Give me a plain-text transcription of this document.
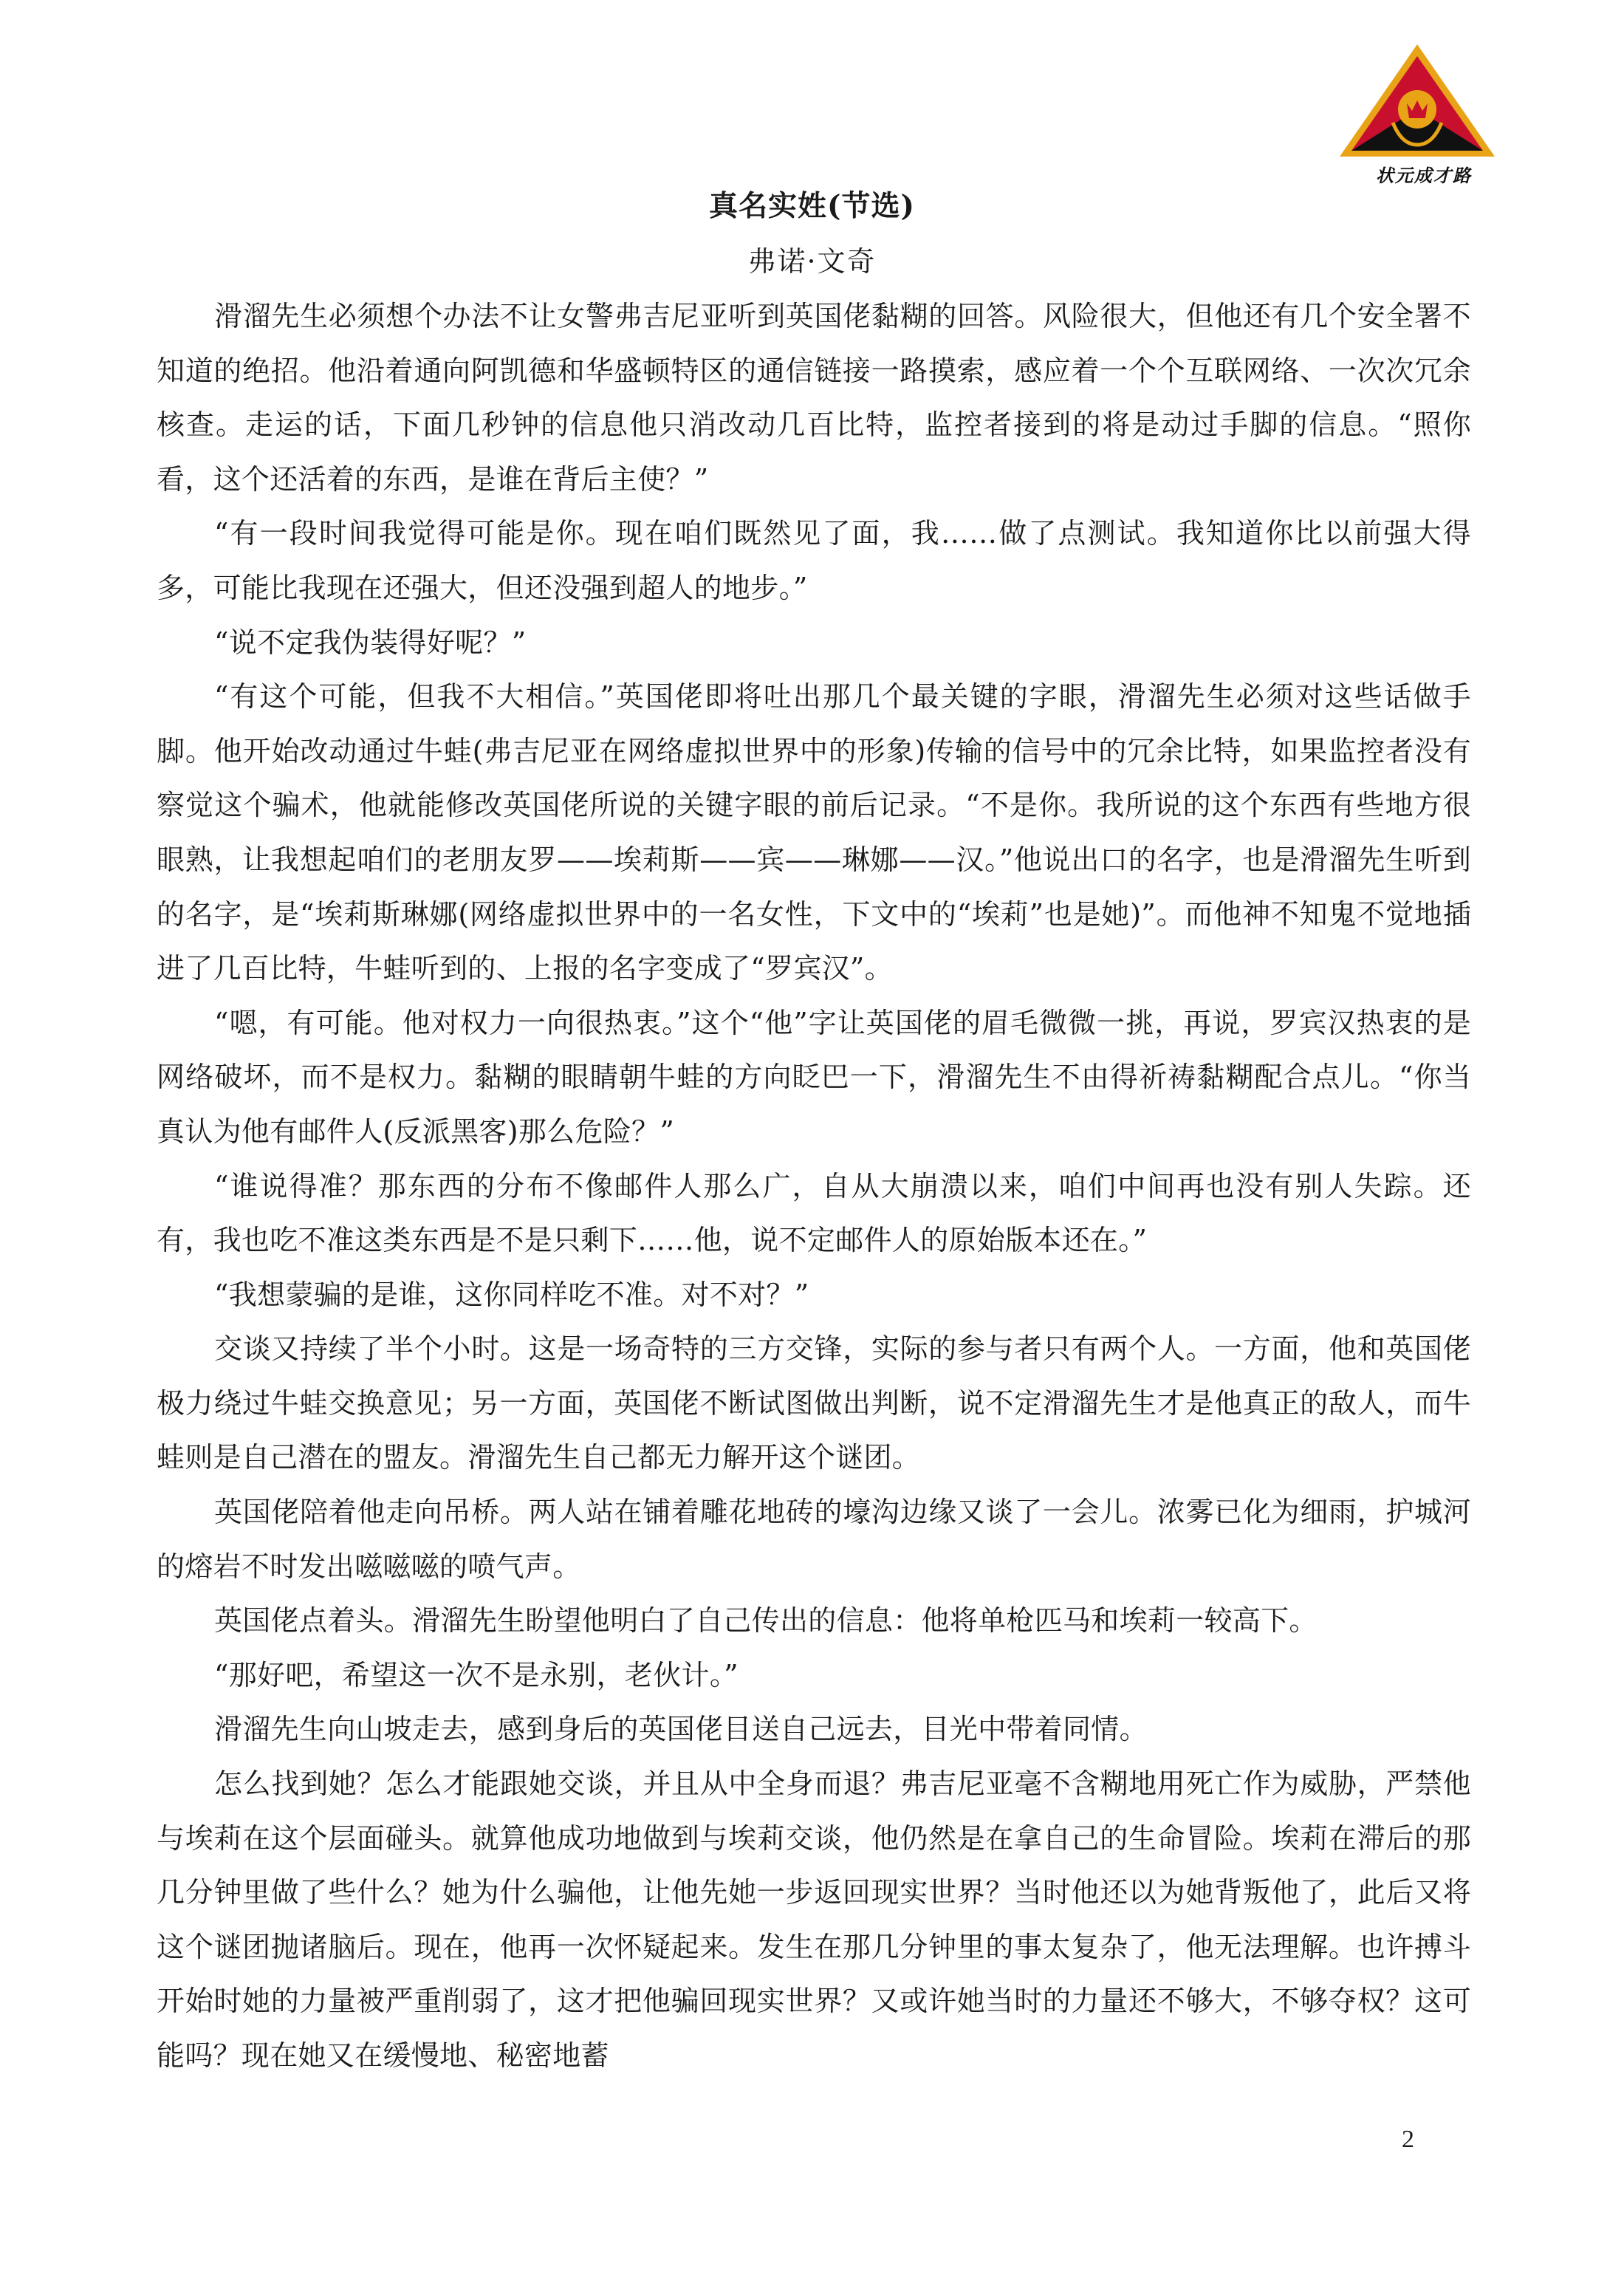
状元成才路
真名实姓(节选)
弗诺·文奇

滑溜先生必须想个办法不让女警弗吉尼亚听到英国佬黏糊的回答。风险很大，但他还有几个安全署不知道的绝招。他沿着通向阿凯德和华盛顿特区的通信链接一路摸索，感应着一个个互联网络、一次次冗余核查。走运的话，下面几秒钟的信息他只消改动几百比特，监控者接到的将是动过手脚的信息。“照你看，这个还活着的东西，是谁在背后主使？”

“有一段时间我觉得可能是你。现在咱们既然见了面，我……做了点测试。我知道你比以前强大得多，可能比我现在还强大，但还没强到超人的地步。”

“说不定我伪装得好呢？”

“有这个可能，但我不大相信。”英国佬即将吐出那几个最关键的字眼，滑溜先生必须对这些话做手脚。他开始改动通过牛蛙(弗吉尼亚在网络虚拟世界中的形象)传输的信号中的冗余比特，如果监控者没有察觉这个骗术，他就能修改英国佬所说的关键字眼的前后记录。“不是你。我所说的这个东西有些地方很眼熟，让我想起咱们的老朋友罗——埃莉斯——宾——琳娜——汉。”他说出口的名字，也是滑溜先生听到的名字，是“埃莉斯琳娜(网络虚拟世界中的一名女性，下文中的“埃莉”也是她)”。而他神不知鬼不觉地插进了几百比特，牛蛙听到的、上报的名字变成了“罗宾汉”。

“嗯，有可能。他对权力一向很热衷。”这个“他”字让英国佬的眉毛微微一挑，再说，罗宾汉热衷的是网络破坏，而不是权力。黏糊的眼睛朝牛蛙的方向眨巴一下，滑溜先生不由得祈祷黏糊配合点儿。“你当真认为他有邮件人(反派黑客)那么危险？”

“谁说得准？那东西的分布不像邮件人那么广，自从大崩溃以来，咱们中间再也没有别人失踪。还有，我也吃不准这类东西是不是只剩下……他，说不定邮件人的原始版本还在。”

“我想蒙骗的是谁，这你同样吃不准。对不对？”

交谈又持续了半个小时。这是一场奇特的三方交锋，实际的参与者只有两个人。一方面，他和英国佬极力绕过牛蛙交换意见；另一方面，英国佬不断试图做出判断，说不定滑溜先生才是他真正的敌人，而牛蛙则是自己潜在的盟友。滑溜先生自己都无力解开这个谜团。

英国佬陪着他走向吊桥。两人站在铺着雕花地砖的壕沟边缘又谈了一会儿。浓雾已化为细雨，护城河的熔岩不时发出嗞嗞嗞的喷气声。

英国佬点着头。滑溜先生盼望他明白了自己传出的信息：他将单枪匹马和埃莉一较高下。

“那好吧，希望这一次不是永别，老伙计。”

滑溜先生向山坡走去，感到身后的英国佬目送自己远去，目光中带着同情。

怎么找到她？怎么才能跟她交谈，并且从中全身而退？弗吉尼亚毫不含糊地用死亡作为威胁，严禁他与埃莉在这个层面碰头。就算他成功地做到与埃莉交谈，他仍然是在拿自己的生命冒险。埃莉在滞后的那几分钟里做了些什么？她为什么骗他，让他先她一步返回现实世界？当时他还以为她背叛他了，此后又将这个谜团抛诸脑后。现在，他再一次怀疑起来。发生在那几分钟里的事太复杂了，他无法理解。也许搏斗开始时她的力量被严重削弱了，这才把他骗回现实世界？又或许她当时的力量还不够大，不够夺权？这可能吗？现在她又在缓慢地、秘密地蓄

2
